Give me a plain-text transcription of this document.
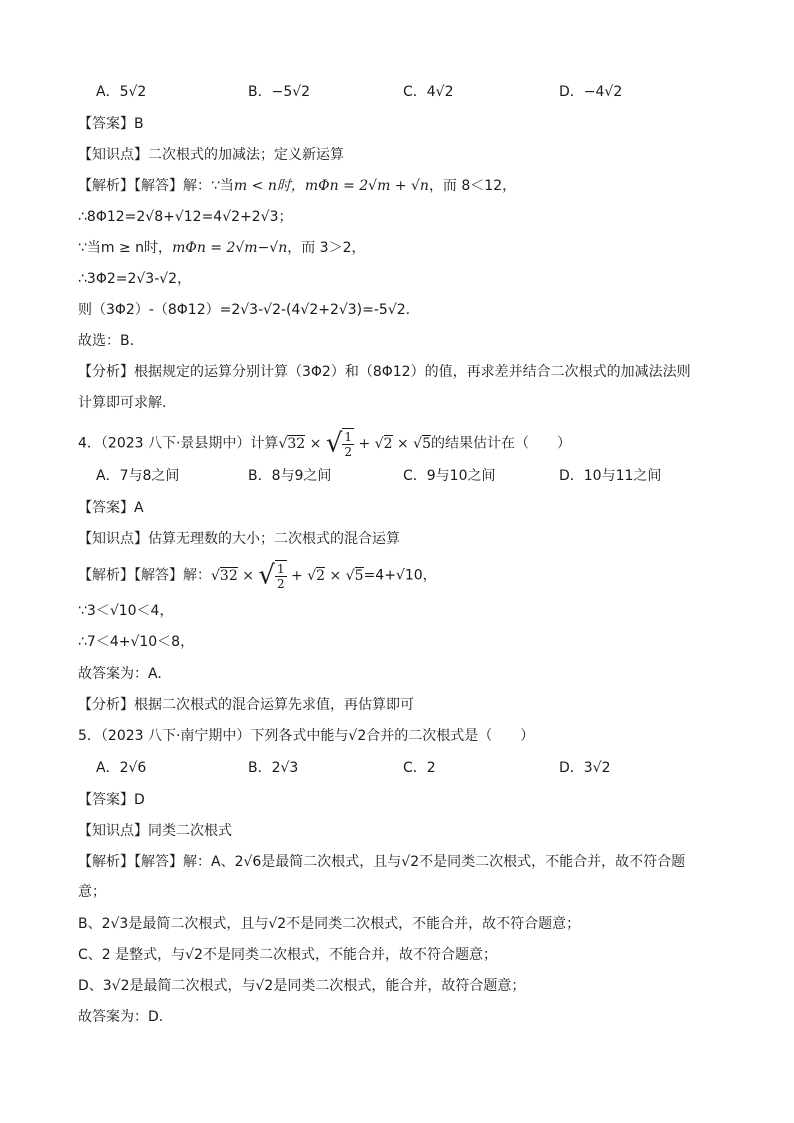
A．5√2	B．−5√2	C．4√2	D．−4√2
【答案】B
【知识点】二次根式的加减法；定义新运算
【解析】【解答】解：∵当m < n时，mΦn = 2√m + √n，而 8＜12，
∴8Φ12=2√8+√12=4√2+2√3；
∵当m ≥ n时，mΦn = 2√m−√n，而 3＞2，
∴3Φ2=2√3-√2，
则（3Φ2）-（8Φ12）=2√3-√2-(4√2+2√3)=-5√2.
故选：B.
【分析】根据规定的运算分别计算（3Φ2）和（8Φ12）的值，再求差并结合二次根式的加减法法则
计算即可求解.
4．（2023 八下·景县期中）计算√32 × √ $\frac{1}{2} + √2 \times √5$的结果估计在（　　）
A．7与8之间	B．8与9之间	C．9与10之间	D．10与11之间
【答案】A
【知识点】估算无理数的大小；二次根式的混合运算
【解析】【解答】解：√32 × √ $\frac{1}{2} + √2 \times √5=4+√10$，
∵3＜√10＜4，
∴7＜4+√10＜8，
故答案为：A.
【分析】根据二次根式的混合运算先求值，再估算即可
5．（2023 八下·南宁期中）下列各式中能与√2合并的二次根式是（　　）
A．2√6	B．2√3	C．2	D．3√2
【答案】D
【知识点】同类二次根式
【解析】【解答】解：A、2√6是最简二次根式，且与√2不是同类二次根式，不能合并，故不符合题
意；
B、2√3是最简二次根式，且与√2不是同类二次根式，不能合并，故不符合题意；
C、2 是整式，与√2不是同类二次根式，不能合并，故不符合题意；
D、3√2是最简二次根式，与√2是同类二次根式，能合并，故符合题意；
故答案为：D.
